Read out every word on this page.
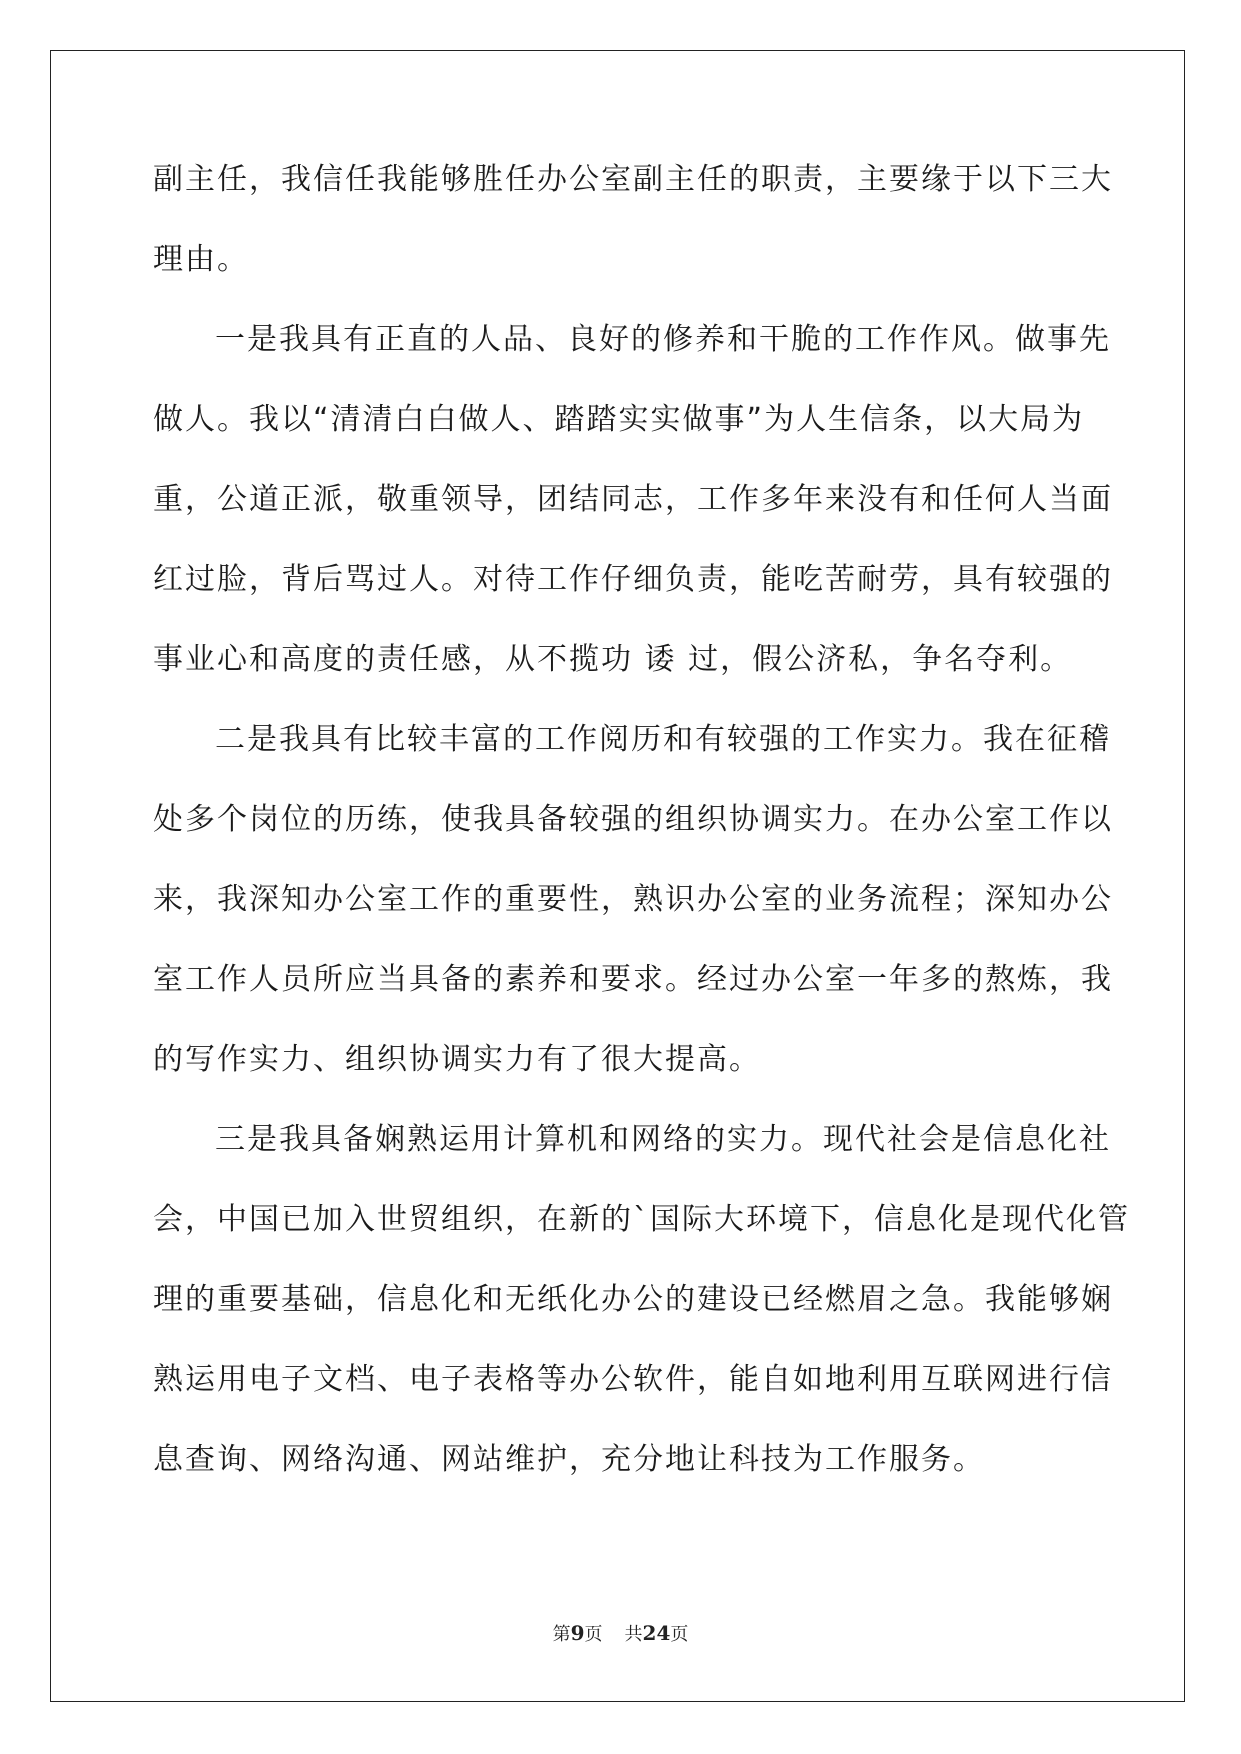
副主任，我信任我能够胜任办公室副主任的职责，主要缘于以下三大
理由。
一是我具有正直的人品、良好的修养和干脆的工作作风。做事先
做人。我以“清清白白做人、踏踏实实做事”为人生信条，以大局为
重，公道正派，敬重领导，团结同志，工作多年来没有和任何人当面
红过脸，背后骂过人。对待工作仔细负责，能吃苦耐劳，具有较强的
事业心和高度的责任感，从不揽功 诿 过，假公济私，争名夺利。
二是我具有比较丰富的工作阅历和有较强的工作实力。我在征稽
处多个岗位的历练，使我具备较强的组织协调实力。在办公室工作以
来，我深知办公室工作的重要性，熟识办公室的业务流程；深知办公
室工作人员所应当具备的素养和要求。经过办公室一年多的熬炼，我
的写作实力、组织协调实力有了很大提高。
三是我具备娴熟运用计算机和网络的实力。现代社会是信息化社
会，中国已加入世贸组织，在新的`国际大环境下，信息化是现代化管
理的重要基础，信息化和无纸化办公的建设已经燃眉之急。我能够娴
熟运用电子文档、电子表格等办公软件，能自如地利用互联网进行信
息查询、网络沟通、网站维护，充分地让科技为工作服务。
第9页 共24页
